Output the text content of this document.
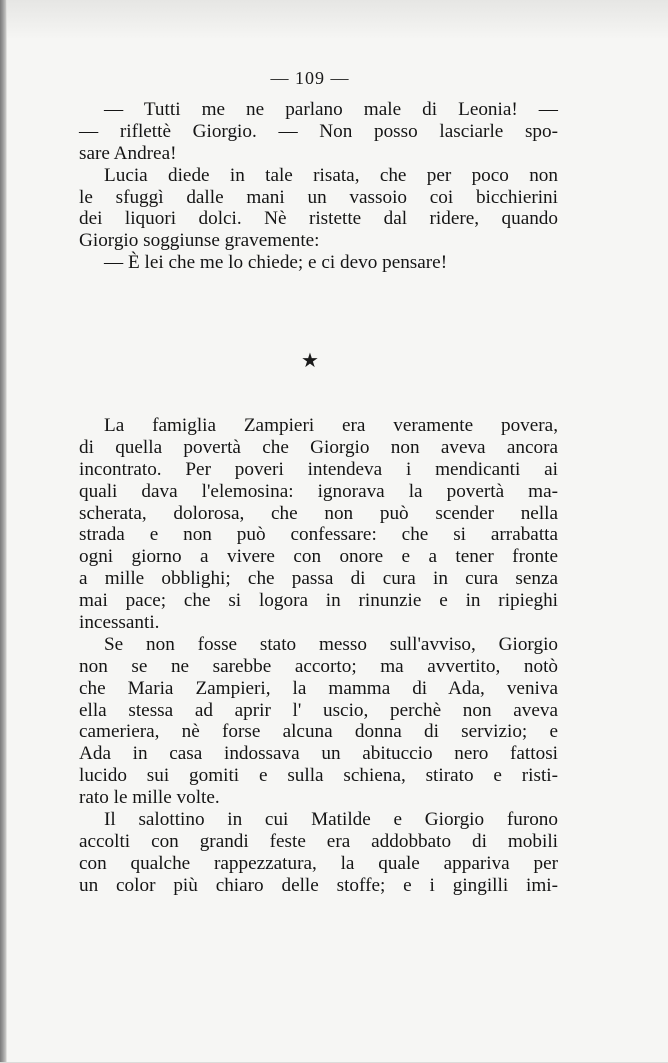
— 109 —
— Tutti me ne parlano male di Leonia! —
— riflettè Giorgio. — Non posso lasciarle spo-
sare Andrea!
Lucia diede in tale risata, che per poco non
le sfuggì dalle mani un vassoio coi bicchierini
dei liquori dolci. Nè ristette dal ridere, quando
Giorgio soggiunse gravemente:
— È lei che me lo chiede; e ci devo pensare!
★
La famiglia Zampieri era veramente povera,
di quella povertà che Giorgio non aveva ancora
incontrato. Per poveri intendeva i mendicanti ai
quali dava l'elemosina: ignorava la povertà ma-
scherata, dolorosa, che non può scender nella
strada e non può confessare: che si arrabatta
ogni giorno a vivere con onore e a tener fronte
a mille obblighi; che passa di cura in cura senza
mai pace; che si logora in rinunzie e in ripieghi
incessanti.
Se non fosse stato messo sull'avviso, Giorgio
non se ne sarebbe accorto; ma avvertito, notò
che Maria Zampieri, la mamma di Ada, veniva
ella stessa ad aprir l' uscio, perchè non aveva
cameriera, nè forse alcuna donna di servizio; e
Ada in casa indossava un abituccio nero fattosi
lucido sui gomiti e sulla schiena, stirato e risti-
rato le mille volte.
Il salottino in cui Matilde e Giorgio furono
accolti con grandi feste era addobbato di mobili
con qualche rappezzatura, la quale appariva per
un color più chiaro delle stoffe; e i gingilli imi-
